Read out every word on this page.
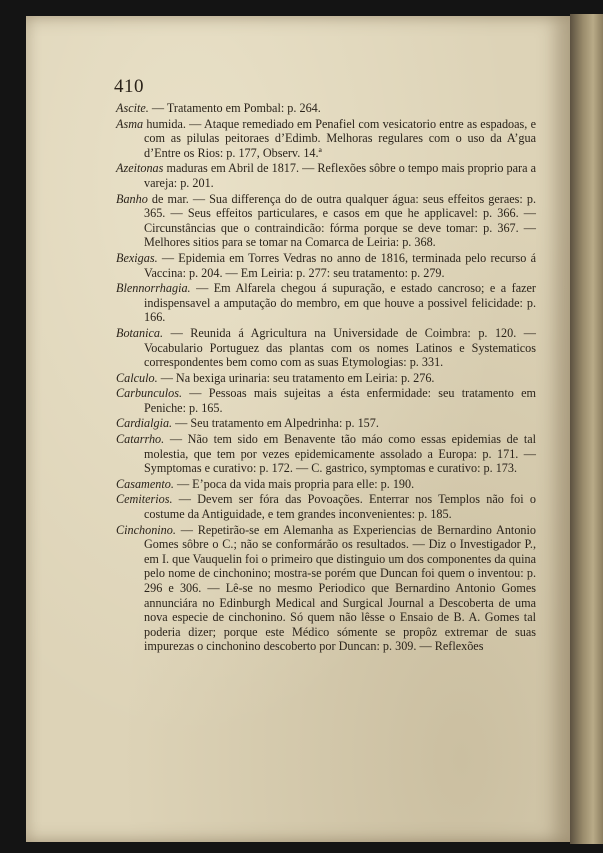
410

Ascite. — Tratamento em Pombal: p. 264.

Asma humida. — Ataque remediado em Penafiel com vesicatorio entre as espadoas, e com as pilulas peitoraes d’Edimb. Melhoras regulares com o uso da A’gua d’Entre os Rios: p. 177, Observ. 14.ª

Azeitonas maduras em Abril de 1817. — Reflexões sôbre o tempo mais proprio para a vareja: p. 201.

Banho de mar. — Sua differença do de outra qualquer água: seus effeitos geraes: p. 365. — Seus effeitos particulares, e casos em que he applicavel: p. 366. — Circunstâncias que o contraindicão: fórma porque se deve tomar: p. 367. — Melhores sitios para se tomar na Comarca de Leiria: p. 368.

Bexigas. — Epidemia em Torres Vedras no anno de 1816, terminada pelo recurso á Vaccina: p. 204. — Em Leiria: p. 277: seu tratamento: p. 279.

Blennorrhagia. — Em Alfarela chegou á supuração, e estado cancroso; e a fazer indispensavel a amputação do membro, em que houve a possivel felicidade: p. 166.

Botanica. — Reunida á Agricultura na Universidade de Coimbra: p. 120. — Vocabulario Portuguez das plantas com os nomes Latinos e Systematicos correspondentes bem como com as suas Etymologias: p. 331.

Calculo. — Na bexiga urinaria: seu tratamento em Leiria: p. 276.

Carbunculos. — Pessoas mais sujeitas a ésta enfermidade: seu tratamento em Peniche: p. 165.

Cardialgia. — Seu tratamento em Alpedrinha: p. 157.

Catarrho. — Não tem sido em Benavente tão máo como essas epidemias de tal molestia, que tem por vezes epidemicamente assolado a Europa: p. 171. — Symptomas e curativo: p. 172. — C. gastrico, symptomas e curativo: p. 173.

Casamento. — E’poca da vida mais propria para elle: p. 190.

Cemiterios. — Devem ser fóra das Povoações. Enterrar nos Templos não foi o costume da Antiguidade, e tem grandes inconvenientes: p. 185.

Cinchonino. — Repetirão-se em Alemanha as Experiencias de Bernardino Antonio Gomes sôbre o C.; não se conformárão os resultados. — Diz o Investigador P., em I. que Vauquelin foi o primeiro que distinguio um dos componentes da quina pelo nome de cinchonino; mostra-se porém que Duncan foi quem o inventou: p. 296 e 306. — Lê-se no mesmo Periodico que Bernardino Antonio Gomes annunciára no Edinburgh Medical and Surgical Journal a Descoberta de uma nova especie de cinchonino. Só quem não lêsse o Ensaio de B. A. Gomes tal poderia dizer; porque este Médico sómente se propôz extremar de suas impurezas o cinchonino descoberto por Duncan: p. 309. — Reflexões
